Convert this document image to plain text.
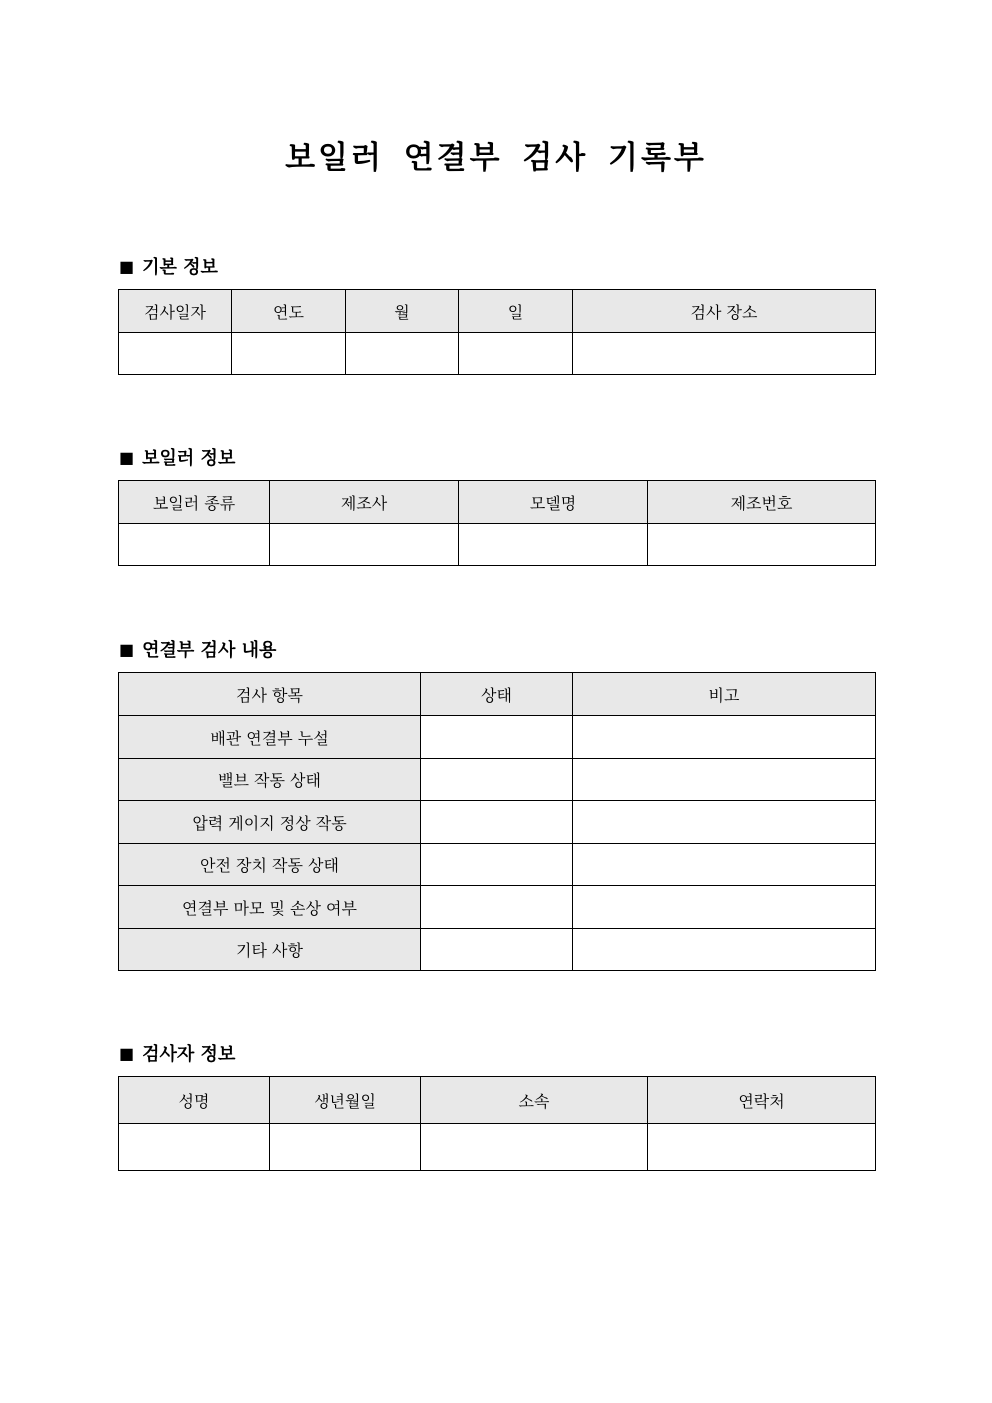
보일러 연결부 검사 기록부
■ 기본 정보
검사일자	연도	월	일	검사 장소

■ 보일러 정보
보일러 종류	제조사	모델명	제조번호

■ 연결부 검사 내용
검사 항목	상태	비고
배관 연결부 누설		
밸브 작동 상태		
압력 게이지 정상 작동		
안전 장치 작동 상태		
연결부 마모 및 손상 여부		
기타 사항		
■ 검사자 정보
성명	생년월일	소속	연락처
